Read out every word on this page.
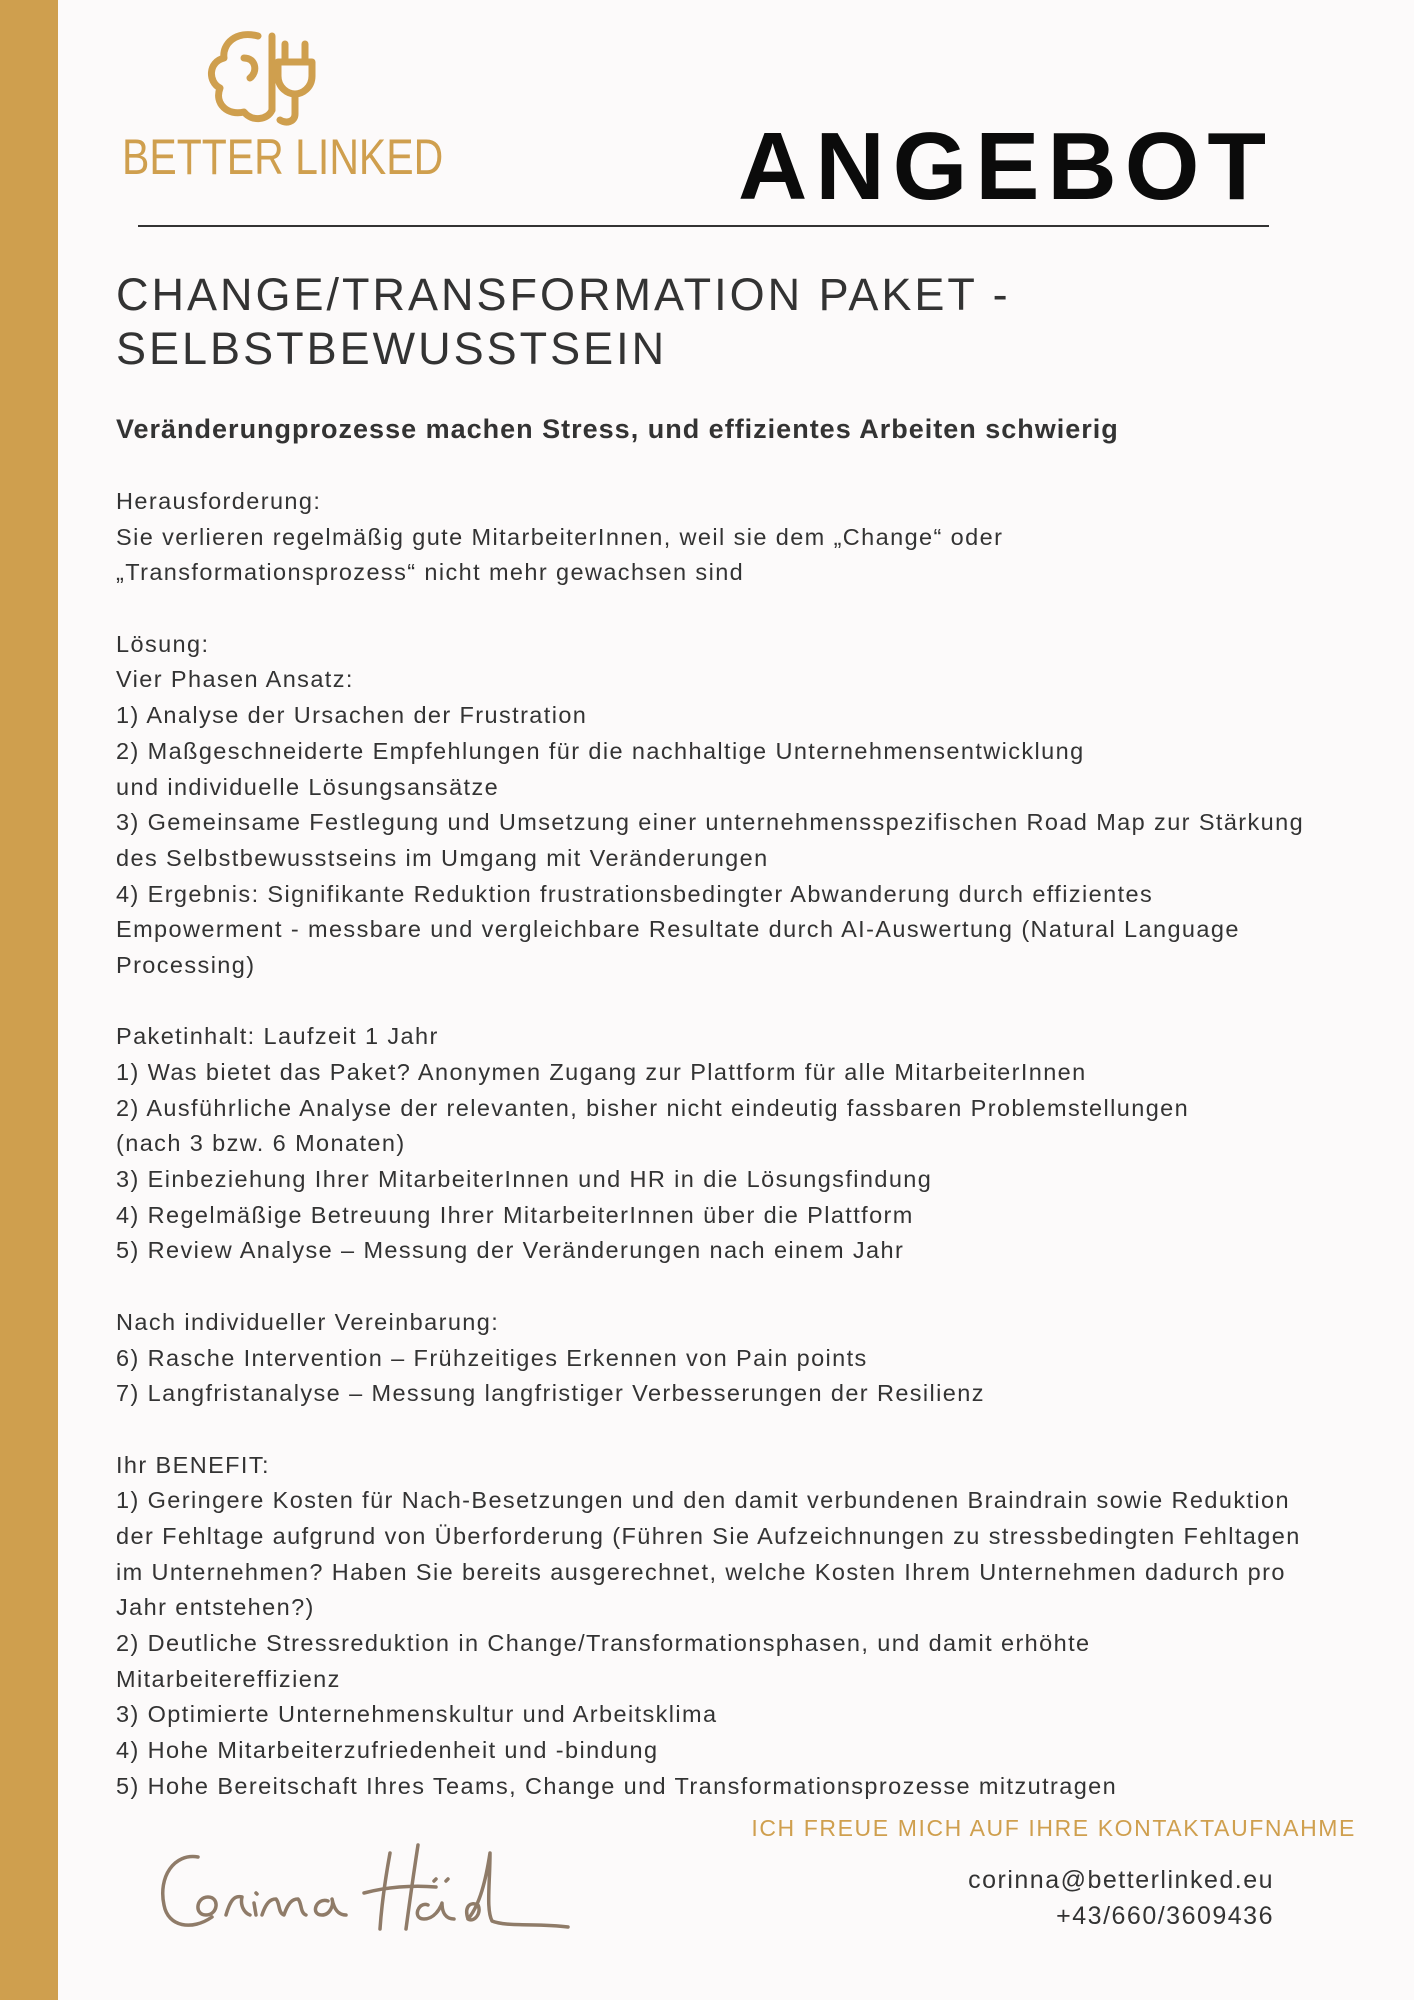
BETTER LINKED	ANGEBOT
CHANGE/TRANSFORMATION PAKET -
SELBSTBEWUSSTSEIN
Veränderungprozesse machen Stress, und effizientes Arbeiten schwierig
Herausforderung:
Sie verlieren regelmäßig gute MitarbeiterInnen, weil sie dem „Change“ oder
„Transformationsprozess“ nicht mehr gewachsen sind
Lösung:
Vier Phasen Ansatz:
1) Analyse der Ursachen der Frustration
2) Maßgeschneiderte Empfehlungen für die nachhaltige Unternehmensentwicklung
und individuelle Lösungsansätze
3) Gemeinsame Festlegung und Umsetzung einer unternehmensspezifischen Road Map zur Stärkung
des Selbstbewusstseins im Umgang mit Veränderungen
4) Ergebnis: Signifikante Reduktion frustrationsbedingter Abwanderung durch effizientes
Empowerment - messbare und vergleichbare Resultate durch AI-Auswertung (Natural Language
Processing)
Paketinhalt: Laufzeit 1 Jahr
1) Was bietet das Paket? Anonymen Zugang zur Plattform für alle MitarbeiterInnen
2) Ausführliche Analyse der relevanten, bisher nicht eindeutig fassbaren Problemstellungen
(nach 3 bzw. 6 Monaten)
3) Einbeziehung Ihrer MitarbeiterInnen und HR in die Lösungsfindung
4) Regelmäßige Betreuung Ihrer MitarbeiterInnen über die Plattform
5) Review Analyse – Messung der Veränderungen nach einem Jahr
Nach individueller Vereinbarung:
6) Rasche Intervention – Frühzeitiges Erkennen von Pain points
7) Langfristanalyse – Messung langfristiger Verbesserungen der Resilienz
Ihr BENEFIT:
1) Geringere Kosten für Nach-Besetzungen und den damit verbundenen Braindrain sowie Reduktion
der Fehltage aufgrund von Überforderung (Führen Sie Aufzeichnungen zu stressbedingten Fehltagen
im Unternehmen? Haben Sie bereits ausgerechnet, welche Kosten Ihrem Unternehmen dadurch pro
Jahr entstehen?)
2) Deutliche Stressreduktion in Change/Transformationsphasen, und damit erhöhte
Mitarbeitereffizienz
3) Optimierte Unternehmenskultur und Arbeitsklima
4) Hohe Mitarbeiterzufriedenheit und -bindung
5) Hohe Bereitschaft Ihres Teams, Change und Transformationsprozesse mitzutragen
ICH FREUE MICH AUF IHRE KONTAKTAUFNAHME
corinna@betterlinked.eu
+43/660/3609436
